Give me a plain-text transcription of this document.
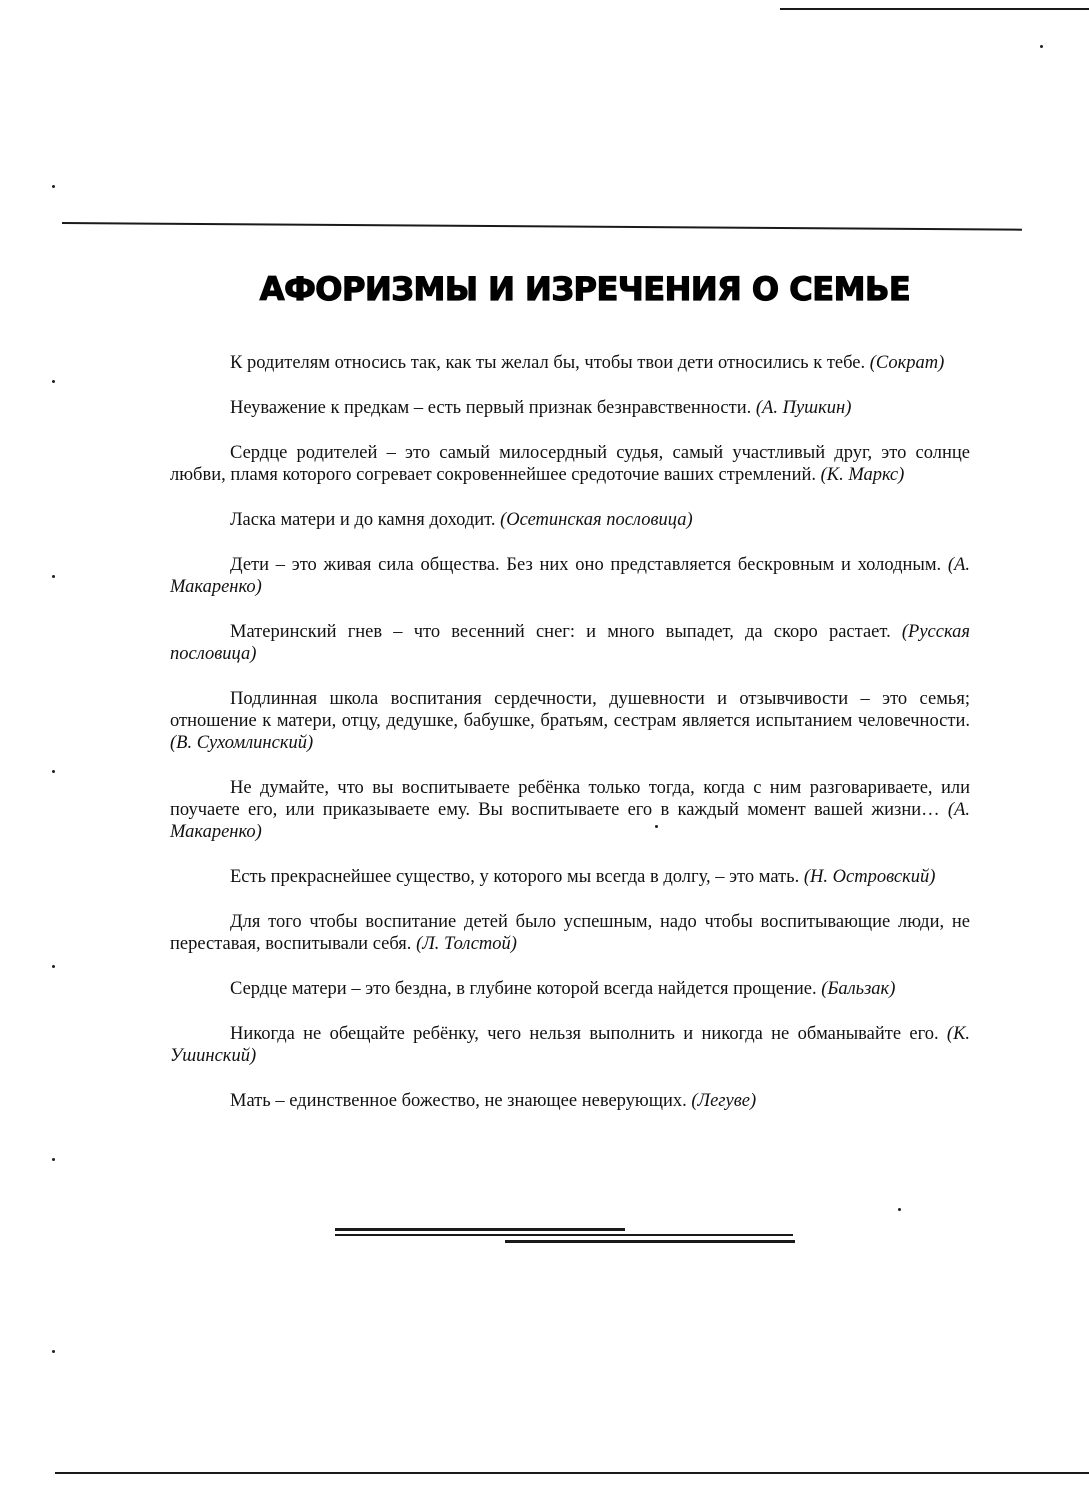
АФОРИЗМЫ И ИЗРЕЧЕНИЯ О СЕМЬЕ

К родителям относись так, как ты желал бы, чтобы твои дети относились к тебе. (Сократ)

Неуважение к предкам – есть первый признак безнравственности. (А. Пушкин)

Сердце родителей – это самый милосердный судья, самый участливый друг, это солнце любви, пламя которого согревает сокровеннейшее средоточие ваших стремлений. (К. Маркс)

Ласка матери и до камня доходит. (Осетинская пословица)

Дети – это живая сила общества. Без них оно представляется бескровным и холодным. (А. Макаренко)

Материнский гнев – что весенний снег: и много выпадет, да скоро растает. (Русская пословица)

Подлинная школа воспитания сердечности, душевности и отзывчивости – это семья; отношение к матери, отцу, дедушке, бабушке, братьям, сестрам является испытанием человечности. (В. Сухомлинский)

Не думайте, что вы воспитываете ребёнка только тогда, когда с ним разговариваете, или поучаете его, или приказываете ему. Вы воспитываете его в каждый момент вашей жизни… (А. Макаренко)

Есть прекраснейшее существо, у которого мы всегда в долгу, – это мать. (Н. Островский)

Для того чтобы воспитание детей было успешным, надо чтобы воспитывающие люди, не переставая, воспитывали себя. (Л. Толстой)

Сердце матери – это бездна, в глубине которой всегда найдется прощение. (Бальзак)

Никогда не обещайте ребёнку, чего нельзя выполнить и никогда не обманывайте его. (К. Ушинский)

Мать – единственное божество, не знающее неверующих. (Легуве)
